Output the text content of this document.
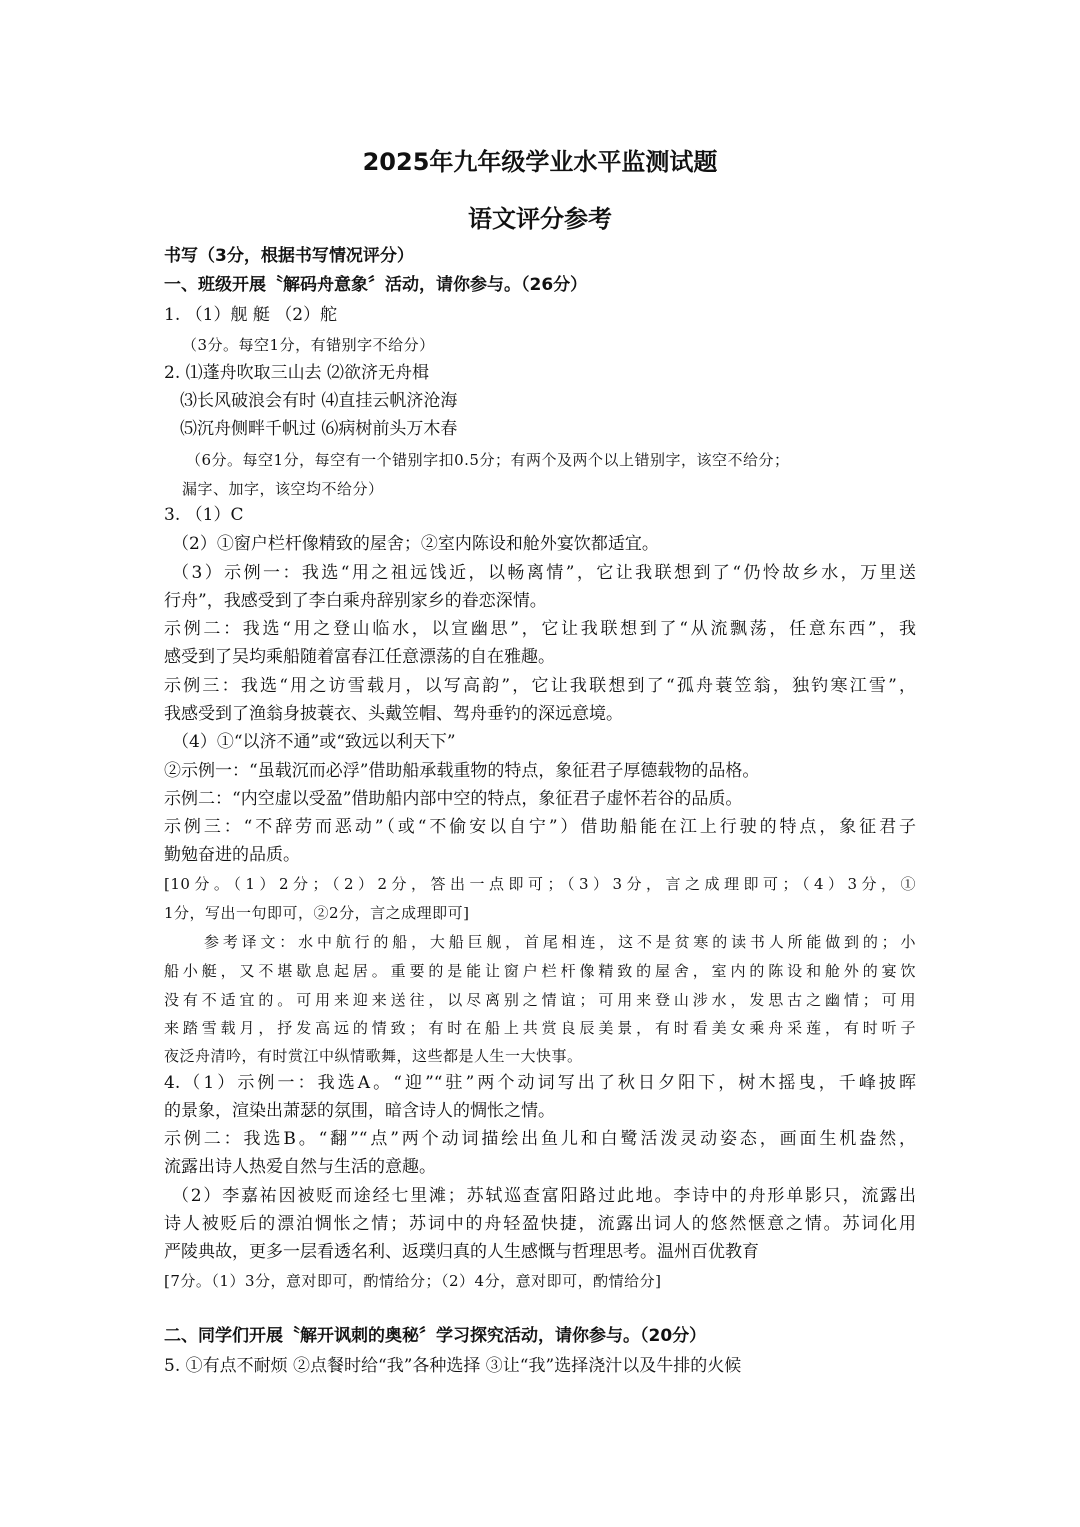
2025年九年级学业水平监测试题
语文评分参考
书写（3分，根据书写情况评分）
一、班级开展〝解码舟意象〞活动，请你参与。（26分）
1. （1）舰 艇 （2）舵
（3分。每空1分，有错别字不给分）
2. ⑴蓬舟吹取三山去 ⑵欲济无舟楫
⑶长风破浪会有时 ⑷直挂云帆济沧海
⑸沉舟侧畔千帆过 ⑹病树前头万木春
（6分。每空1分，每空有一个错别字扣0.5分；有两个及两个以上错别字，该空不给分；
漏字、加字，该空均不给分）
3. （1）C
（2）①窗户栏杆像精致的屋舍；②室内陈设和舱外宴饮都适宜。
（3）示例一：我选“用之祖远饯近，以畅离情”，它让我联想到了“仍怜故乡水，万里送
行舟”，我感受到了李白乘舟辞别家乡的眷恋深情。
示例二：我选“用之登山临水，以宣幽思”，它让我联想到了“从流飘荡，任意东西”，我
感受到了吴均乘船随着富春江任意漂荡的自在雅趣。
示例三：我选“用之访雪载月，以写高韵”，它让我联想到了“孤舟蓑笠翁，独钓寒江雪”，
我感受到了渔翁身披蓑衣、头戴笠帽、驾舟垂钓的深远意境。
（4）①“以济不通”或“致远以利天下”
②示例一：“虽载沉而必浮”借助船承载重物的特点，象征君子厚德载物的品格。
示例二：“内空虚以受盈”借助船内部中空的特点，象征君子虚怀若谷的品质。
示例三：“不辞劳而恶动”（或“不偷安以自宁”）借助船能在江上行驶的特点，象征君子
勤勉奋进的品质。
[10分。（1）2分；（2）2分，答出一点即可；（3）3分，言之成理即可；（4）3分，①
1分，写出一句即可，②2分，言之成理即可]
参考译文：水中航行的船，大船巨舰，首尾相连，这不是贫寒的读书人所能做到的；小
船小艇，又不堪歇息起居。重要的是能让窗户栏杆像精致的屋舍，室内的陈设和舱外的宴饮
没有不适宜的。可用来迎来送往，以尽离别之情谊；可用来登山涉水，发思古之幽情；可用
来踏雪载月，抒发高远的情致；有时在船上共赏良辰美景，有时看美女乘舟采莲，有时听子
夜泛舟清吟，有时赏江中纵情歌舞，这些都是人生一大快事。
4.（1）示例一：我选A。“迎”“驻”两个动词写出了秋日夕阳下，树木摇曳，千峰披晖
的景象，渲染出萧瑟的氛围，暗含诗人的惆怅之情。
示例二：我选B。“翻”“点”两个动词描绘出鱼儿和白鹭活泼灵动姿态，画面生机盎然，
流露出诗人热爱自然与生活的意趣。
（2）李嘉祐因被贬而途经七里滩；苏轼巡查富阳路过此地。李诗中的舟形单影只，流露出
诗人被贬后的漂泊惆怅之情；苏词中的舟轻盈快捷，流露出词人的悠然惬意之情。苏词化用
严陵典故，更多一层看透名利、返璞归真的人生感慨与哲理思考。温州百优教育
[7分。（1）3分，意对即可，酌情给分；（2）4分，意对即可，酌情给分]
二、同学们开展〝解开讽刺的奥秘〞学习探究活动，请你参与。（20分）
5. ①有点不耐烦 ②点餐时给“我”各种选择 ③让“我”选择浇汁以及牛排的火候
